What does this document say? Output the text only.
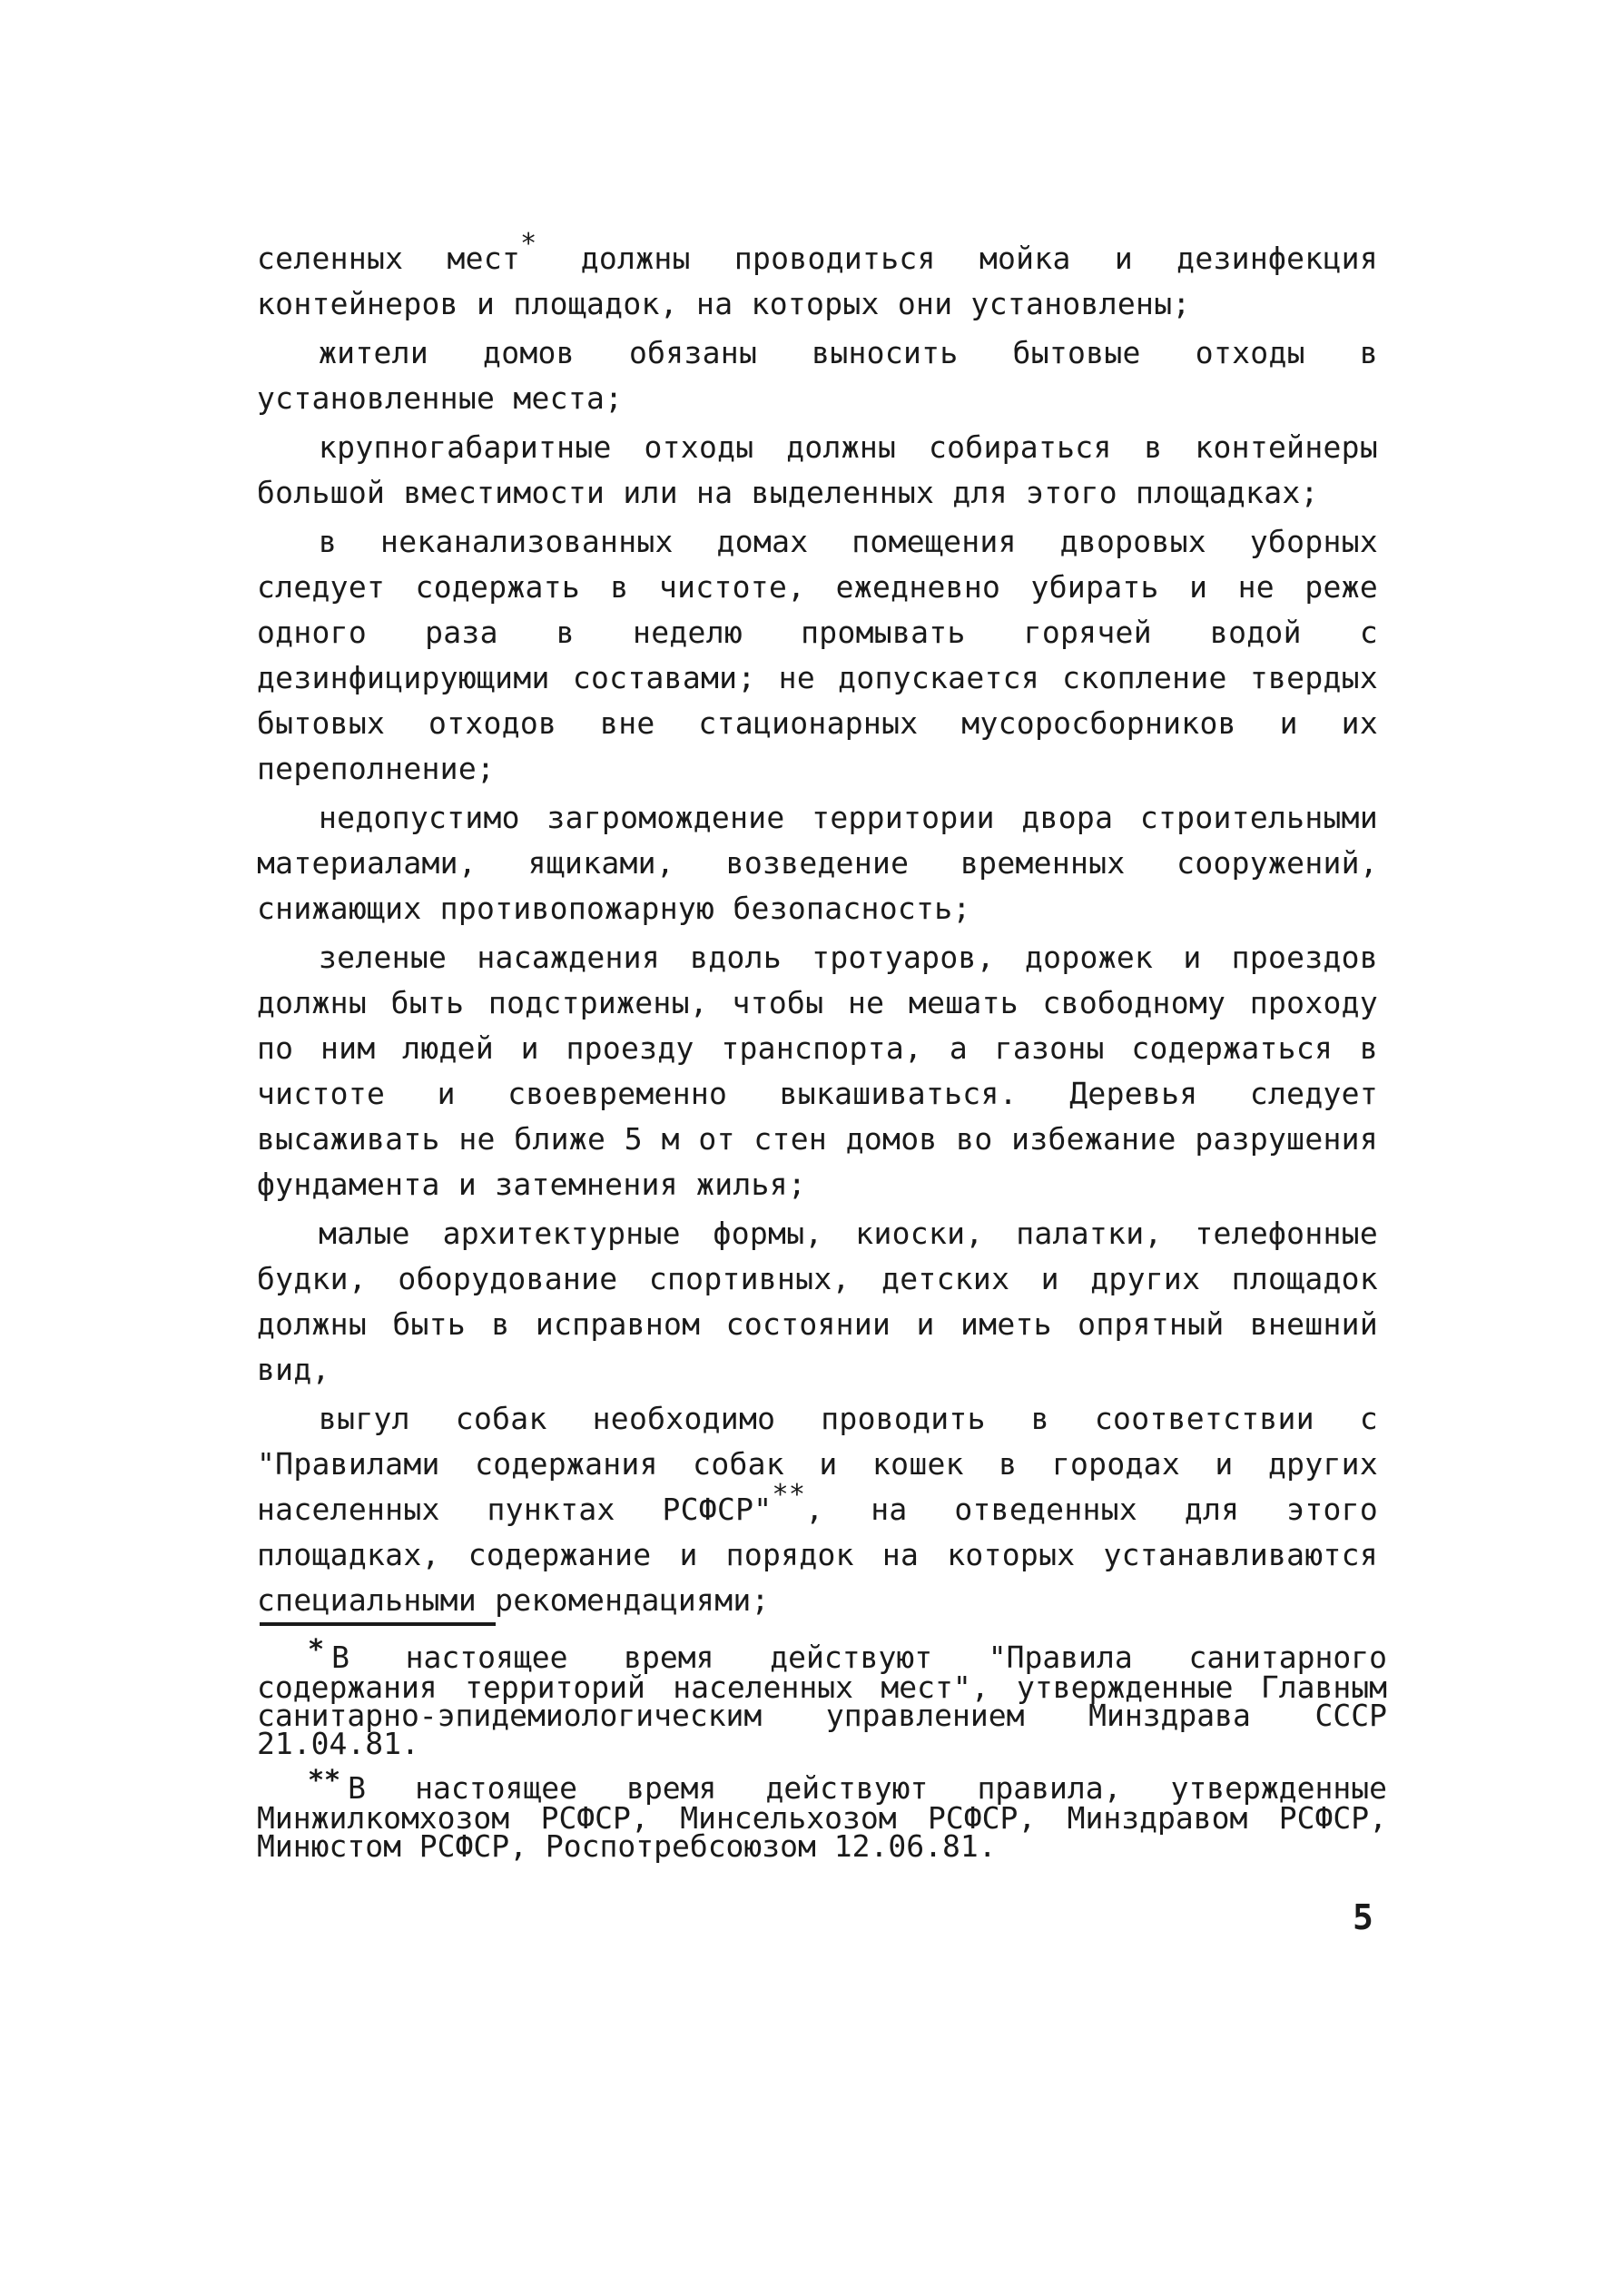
селенных мест* должны проводиться мойка и дезинфекция контейнеров и площадок, на которых они установлены;

жители домов обязаны выносить бытовые отходы в установленные места;

крупногабаритные отходы должны собираться в контейнеры большой вместимости или на выделенных для этого площадках;

в неканализованных домах помещения дворовых уборных следует содержать в чистоте, ежедневно убирать и не реже одного раза в неделю промывать горячей водой с дезинфицирующими составами; не допускается скопление твердых бытовых отходов вне стационарных мусоросборников и их переполнение;

недопустимо загромождение территории двора строительными материалами, ящиками, возведение временных сооружений, снижающих противопожарную безопасность;

зеленые насаждения вдоль тротуаров, дорожек и проездов должны быть подстрижены, чтобы не мешать свободному проходу по ним людей и проезду транспорта, а газоны содержаться в чистоте и своевременно выкашиваться. Деревья следует высаживать не ближе 5 м от стен домов во избежание разрушения фундамента и затемнения жилья;

малые архитектурные формы, киоски, палатки, телефонные будки, оборудование спортивных, детских и других площадок должны быть в исправном состоянии и иметь опрятный внешний вид,

выгул собак необходимо проводить в соответствии с "Правилами содержания собак и кошек в городах и других населенных пунктах РСФСР"**, на отведенных для этого площадках, содержание и порядок на которых устанавливаются специальными рекомендациями;

* В настоящее время действуют "Правила санитарного содержания территорий населенных мест", утвержденные Главным санитарно-эпидемиологическим управлением Минздрава СССР 21.04.81.

** В настоящее время действуют правила, утвержденные Минжилкомхозом РСФСР, Минсельхозом РСФСР, Минздравом РСФСР, Минюстом РСФСР, Роспотребсоюзом 12.06.81.

5
